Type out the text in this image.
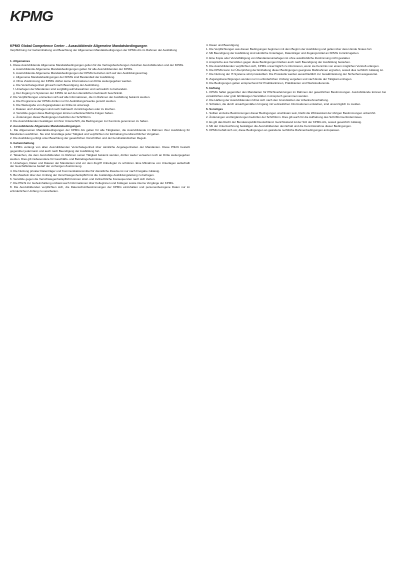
KPMG
KPMG Global Competence Center – Auszubildende Allgemeine Mandatsbedingungen
Verpflichtung zur Geheimhaltung und Beachtung der Allgemeinen Mandatsbedingungen der KPMG AG im Rahmen der Ausbildung
1. Allgemeines
1. Diese Auszubildende Allgemeine Mandatsbedingungen gelten für die Vertragsbeziehungen zwischen Auszubildenden und der KPMG.
a. Auszubildende Allgemeine Mandatsbedingungen gelten für alle Auszubildenden der KPMG.
b. Auszubildende Allgemeine Mandatsbedingungen der KPMG beziehen sich auf den Ausbildungsvertrag.
c. Allgemeine Mandatsbedingungen der KPMG sind Bestandteil der Ausbildung.
d. Ohne Zustimmung der KPMG dürfen keine Informationen an Dritte weitergegeben werden.
e. Die Verschwiegenheit gilt auch nach Beendigung der Ausbildung.
f. Unterlagen der Mandanten sind sorgfältig aufzubewahren und vertraulich zu behandeln.
g. Der Zugang zu Systemen der KPMG ist auf den dienstlichen Gebrauch beschränkt.
2. Die Verpflichtungen erstrecken sich auf alle Informationen, die im Rahmen der Ausbildung bekannt werden.
a. Die Programme der KPMG dürfen nur für Ausbildungszwecke genutzt werden.
b. Die Weitergabe von Zugangsdaten an Dritte ist untersagt.
c. Dateien und Unterlagen sind nach Gebrauch zurückzugeben oder zu löschen.
d. Verstöße gegen diese Bedingungen können arbeitsrechtliche Folgen haben.
e. Änderungen dieser Bedingungen bedürfen der Schriftform.
3. Die Auszubildenden bestätigen mit ihrer Unterschrift, die Bedingungen zur Kenntnis genommen zu haben.
2. Auszubildende Allgemeine Mandatsbedingungen
1. Die Allgemeinen Mandatsbedingungen der KPMG AG gelten für alle Tätigkeiten, die Auszubildende im Rahmen ihrer Ausbildung für Mandanten ausführen. Sie sind Grundlage jeder Tätigkeit und verpflichten zur Einhaltung berufsrechtlicher Vorgaben.
2. Die Ausbildung erfolgt unter Beachtung der gesetzlichen Vorschriften und der berufsständischen Regeln.
3. Geheimhaltung
1. KPMG verlangt von allen Auszubildenden Verschwiegenheit über sämtliche Angelegenheiten der Mandanten. Diese Pflicht besteht gegenüber jedermann und auch nach Beendigung der Ausbildung fort.
2. Tatsachen, die dem Auszubildenden im Rahmen seiner Tätigkeit bekannt werden, dürfen weder verwertet noch an Dritte weitergegeben werden. Dies gilt insbesondere für Geschäfts- und Betriebsgeheimnisse.
3. Unterlagen, Daten und Dateien der Mandanten sind vor dem Zugriff Unbefugter zu schützen. Eine Mitnahme von Unterlagen außerhalb der Geschäftsräume bedarf der vorherigen Zustimmung.
4. Die Nutzung privater Datenträger und Kommunikationsmittel für dienstliche Zwecke ist nur nach Freigabe zulässig.
5. Bei Zweifeln über den Umfang der Verschwiegenheitspflicht ist die zuständige Ausbildungsleitung zu befragen.
6. Verstöße gegen die Verschwiegenheitspflicht können straf- und zivilrechtliche Konsequenzen nach sich ziehen.
7. Die Pflicht zur Geheimhaltung umfasst auch Informationen über Kolleginnen und Kollegen sowie interne Vorgänge der KPMG.
8. Die Auszubildenden verpflichten sich, die Datenschutzbestimmungen der KPMG einzuhalten und personenbezogene Daten nur im erforderlichen Umfang zu verarbeiten.
4. Dauer und Beendigung
1. Die Verpflichtungen aus diesen Bedingungen beginnen mit dem Beginn der Ausbildung und gelten über deren Ende hinaus fort.
2. Mit Beendigung der Ausbildung sind sämtliche Unterlagen, Datenträger und Zugangsmittel an KPMG zurückzugeben.
3. Eine Kopie oder Vervielfältigung von Mandantenunterlagen ist ohne ausdrückliche Zustimmung nicht gestattet.
4. Ansprüche aus Verstößen gegen diese Bedingungen bleiben auch nach Beendigung der Ausbildung bestehen.
5. Die Auszubildenden verpflichten sich, KPMG unverzüglich zu informieren, wenn sie Kenntnis von einem möglichen Verstoß erlangen.
6. Die KPMG kann zur Überprüfung der Einhaltung dieser Bedingungen geeignete Maßnahmen ergreifen, soweit dies rechtlich zulässig ist.
7. Die Nutzung der IT-Systeme wird protokolliert. Die Protokolle werden ausschließlich zur Gewährleistung der Sicherheit ausgewertet.
8. Zugangsberechtigungen werden nur im erforderlichen Umfang vergeben und nach Ende der Tätigkeit entzogen.
9. Die Bedingungen gelten entsprechend für Praktikantinnen, Praktikanten und Werkstudierende.
5. Haftung
1. KPMG haftet gegenüber den Mandanten für Pflichtverletzungen im Rahmen der gesetzlichen Bestimmungen. Auszubildende können bei vorsätzlichen oder grob fahrlässigen Verstößen in Anspruch genommen werden.
2. Die Haftung der Auszubildenden richtet sich nach den Grundsätzen der Arbeitnehmerhaftung.
3. Schäden, die durch unsachgemäßen Umgang mit vertraulichen Informationen entstehen, sind unverzüglich zu melden.
6. Sonstiges
1. Sollten einzelne Bestimmungen dieser Bedingungen unwirksam sein, bleibt die Wirksamkeit der übrigen Bestimmungen unberührt.
2. Änderungen und Ergänzungen bedürfen der Schriftform. Dies gilt auch für die Aufhebung des Schriftformerfordernisses.
3. Es gilt das Recht der Bundesrepublik Deutschland. Gerichtsstand ist der Sitz der KPMG AG, soweit gesetzlich zulässig.
4. Mit der Unterzeichnung bestätigen die Auszubildenden den Erhalt und die Kenntnisnahme dieser Bedingungen.
5. KPMG behält sich vor, diese Bedingungen an geänderte rechtliche Rahmenbedingungen anzupassen.
